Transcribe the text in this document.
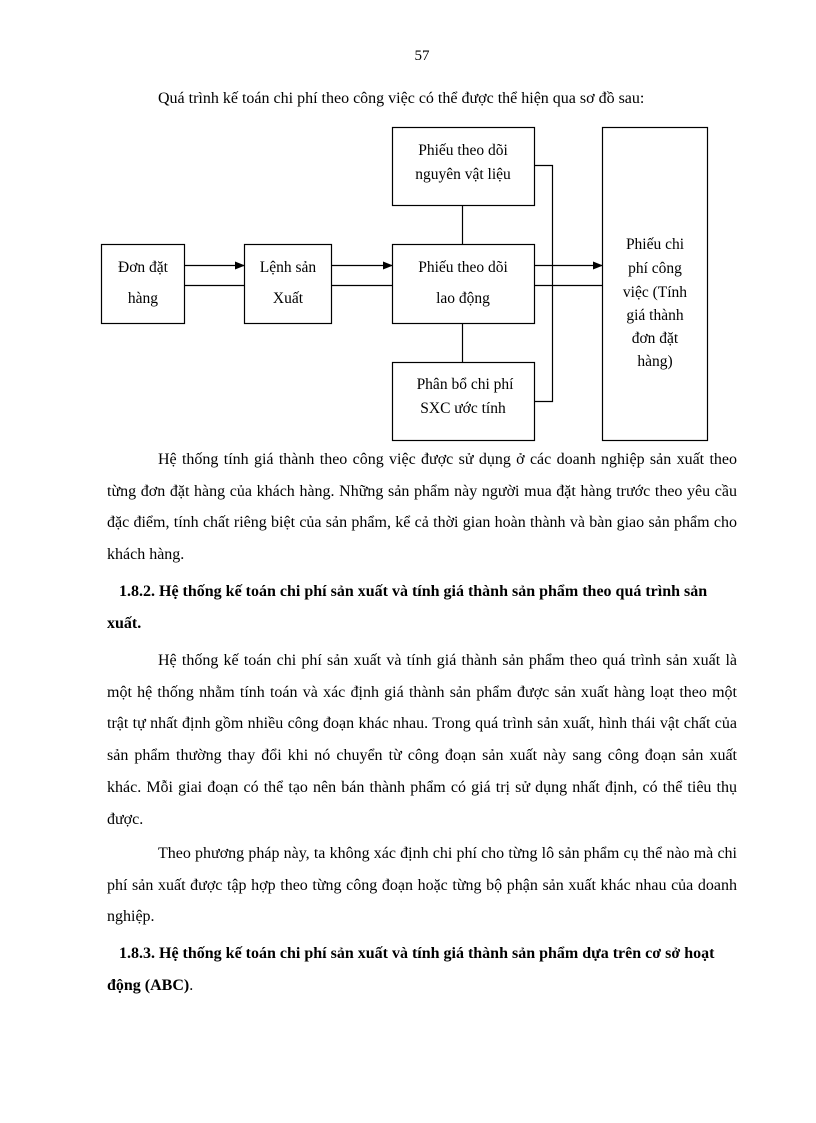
57
Quá trình kế toán chi phí theo công việc có thể được thể hiện qua sơ đồ sau:
Đơn đặt
hàng
Lệnh sản
Xuất
Phiếu theo dõi
nguyên vật liệu
Phiếu theo dõi
lao động
Phân bổ chi phí
SXC ước tính
Phiếu chi
phí công
việc (Tính
giá thành
đơn đặt
hàng)

Hệ thống tính giá thành theo công việc được sử dụng ở các doanh nghiệp sản xuất theo từng đơn đặt hàng của khách hàng. Những sản phẩm này người mua đặt hàng trước theo yêu cầu đặc điểm, tính chất riêng biệt của sản phẩm, kể cả thời gian hoàn thành và bàn giao sản phẩm cho khách hàng.

1.8.2. Hệ thống kế toán chi phí sản xuất và tính giá thành sản phẩm theo quá trình sản xuất.

Hệ thống kế toán chi phí sản xuất và tính giá thành sản phẩm theo quá trình sản xuất là một hệ thống nhằm tính toán và xác định giá thành sản phẩm được sản xuất hàng loạt theo một trật tự nhất định gồm nhiều công đoạn khác nhau. Trong quá trình sản xuất, hình thái vật chất của sản phẩm thường thay đổi khi nó chuyển từ công đoạn sản xuất này sang công đoạn sản xuất khác. Mỗi giai đoạn có thể tạo nên bán thành phẩm có giá trị sử dụng nhất định, có thể tiêu thụ được.

Theo phương pháp này, ta không xác định chi phí cho từng lô sản phẩm cụ thể nào mà chi phí sản xuất được tập hợp theo từng công đoạn hoặc từng bộ phận sản xuất khác nhau của doanh nghiệp.

1.8.3. Hệ thống kế toán chi phí sản xuất và tính giá thành sản phẩm dựa trên cơ sở hoạt động (ABC).
